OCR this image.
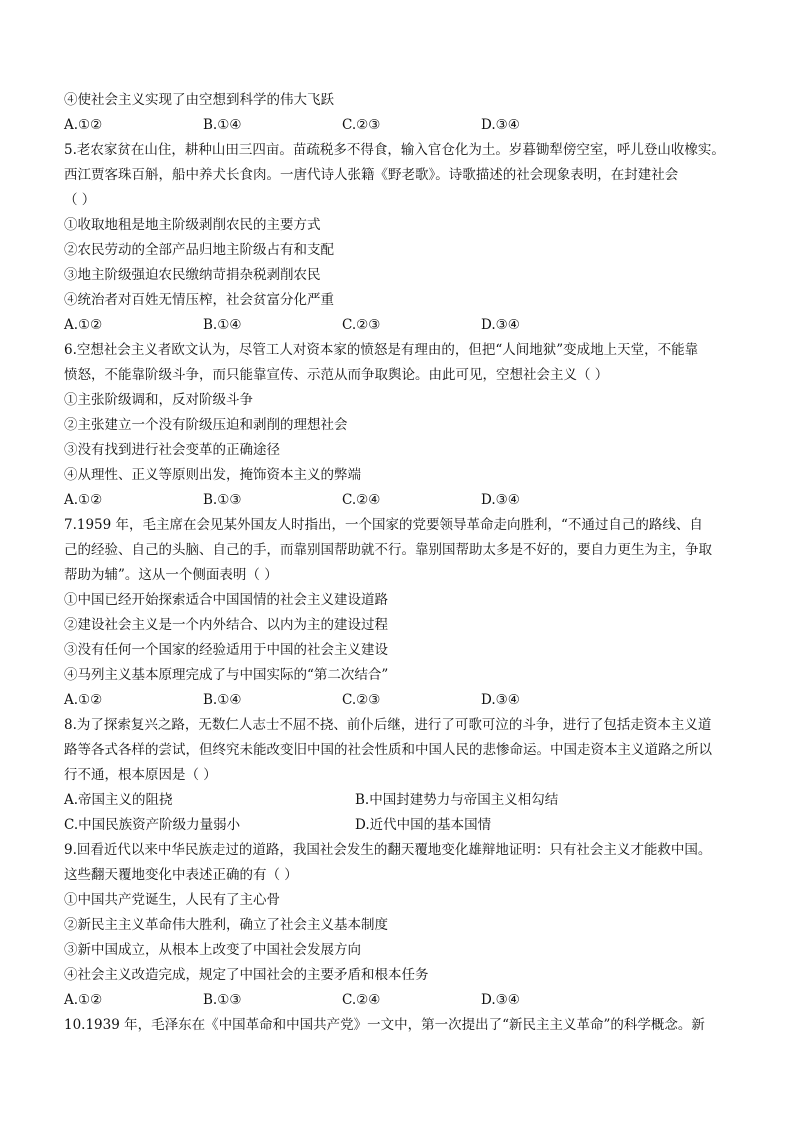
④使社会主义实现了由空想到科学的伟大飞跃
A.①②	B.①④	C.②③	D.③④
5.老农家贫在山住，耕种山田三四亩。苗疏税多不得食，输入官仓化为土。岁暮锄犁傍空室，呼儿登山收橡实。
西江贾客珠百斛，船中养犬长食肉。一唐代诗人张籍《野老歌》。诗歌描述的社会现象表明，在封建社会
（ ）
①收取地租是地主阶级剥削农民的主要方式
②农民劳动的全部产品归地主阶级占有和支配
③地主阶级强迫农民缴纳苛捐杂税剥削农民
④统治者对百姓无情压榨，社会贫富分化严重
A.①②	B.①④	C.②③	D.③④
6.空想社会主义者欧文认为，尽管工人对资本家的愤怒是有理由的，但把“人间地狱”变成地上天堂，不能靠
愤怒，不能靠阶级斗争，而只能靠宣传、示范从而争取舆论。由此可见，空想社会主义（ ）
①主张阶级调和，反对阶级斗争
②主张建立一个没有阶级压迫和剥削的理想社会
③没有找到进行社会变革的正确途径
④从理性、正义等原则出发，掩饰资本主义的弊端
A.①②	B.①③	C.②④	D.③④
7.1959 年，毛主席在会见某外国友人时指出，一个国家的党要领导革命走向胜利，“不通过自己的路线、自
己的经验、自己的头脑、自己的手，而靠别国帮助就不行。靠别国帮助太多是不好的，要自力更生为主，争取
帮助为辅”。这从一个侧面表明（ ）
①中国已经开始探索适合中国国情的社会主义建设道路
②建设社会主义是一个内外结合、以内为主的建设过程
③没有任何一个国家的经验适用于中国的社会主义建设
④马列主义基本原理完成了与中国实际的“第二次结合”
A.①②	B.①④	C.②③	D.③④
8.为了探索复兴之路，无数仁人志士不屈不挠、前仆后继，进行了可歌可泣的斗争，进行了包括走资本主义道
路等各式各样的尝试，但终究未能改变旧中国的社会性质和中国人民的悲惨命运。中国走资本主义道路之所以
行不通，根本原因是（ ）
A.帝国主义的阻挠	B.中国封建势力与帝国主义相勾结
C.中国民族资产阶级力量弱小	D.近代中国的基本国情
9.回看近代以来中华民族走过的道路，我国社会发生的翻天覆地变化雄辩地证明：只有社会主义才能救中国。
这些翻天覆地变化中表述正确的有（ ）
①中国共产党诞生，人民有了主心骨
②新民主主义革命伟大胜利，确立了社会主义基本制度
③新中国成立，从根本上改变了中国社会发展方向
④社会主义改造完成，规定了中国社会的主要矛盾和根本任务
A.①②	B.①③	C.②④	D.③④
10.1939 年，毛泽东在《中国革命和中国共产党》一文中，第一次提出了“新民主主义革命”的科学概念。新
